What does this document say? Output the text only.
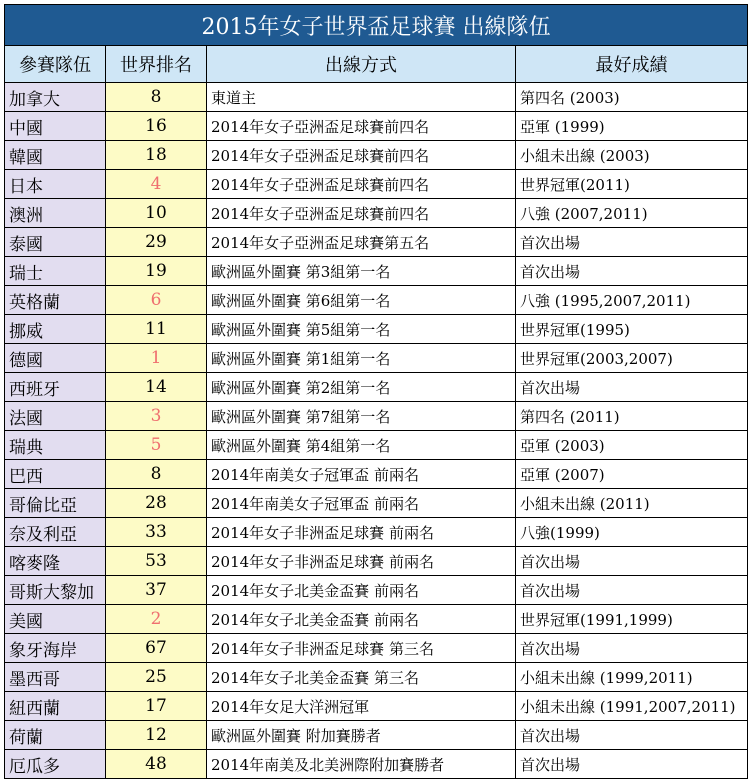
2015年女子世界盃足球賽 出線隊伍			
參賽隊伍	世界排名	出線方式	最好成績
加拿大	8	東道主	第四名 (2003)
中國	16	2014年女子亞洲盃足球賽前四名	亞軍 (1999)
韓國	18	2014年女子亞洲盃足球賽前四名	小組未出線 (2003)
日本	4	2014年女子亞洲盃足球賽前四名	世界冠軍(2011)
澳洲	10	2014年女子亞洲盃足球賽前四名	八強 (2007,2011)
泰國	29	2014年女子亞洲盃足球賽第五名	首次出場
瑞士	19	歐洲區外圍賽 第3組第一名	首次出場
英格蘭	6	歐洲區外圍賽 第6組第一名	八強 (1995,2007,2011)
挪威	11	歐洲區外圍賽 第5組第一名	世界冠軍(1995)
德國	1	歐洲區外圍賽 第1組第一名	世界冠軍(2003,2007)
西班牙	14	歐洲區外圍賽 第2組第一名	首次出場
法國	3	歐洲區外圍賽 第7組第一名	第四名 (2011)
瑞典	5	歐洲區外圍賽 第4組第一名	亞軍 (2003)
巴西	8	2014年南美女子冠軍盃 前兩名	亞軍 (2007)
哥倫比亞	28	2014年南美女子冠軍盃 前兩名	小組未出線 (2011)
奈及利亞	33	2014年女子非洲盃足球賽 前兩名	八強(1999)
喀麥隆	53	2014年女子非洲盃足球賽 前兩名	首次出場
哥斯大黎加	37	2014年女子北美金盃賽 前兩名	首次出場
美國	2	2014年女子北美金盃賽 前兩名	世界冠軍(1991,1999)
象牙海岸	67	2014年女子非洲盃足球賽 第三名	首次出場
墨西哥	25	2014年女子北美金盃賽 第三名	小組未出線 (1999,2011)
紐西蘭	17	2014年女足大洋洲冠軍	小組未出線 (1991,2007,2011)
荷蘭	12	歐洲區外圍賽 附加賽勝者	首次出場
厄瓜多	48	2014年南美及北美洲際附加賽勝者	首次出場
